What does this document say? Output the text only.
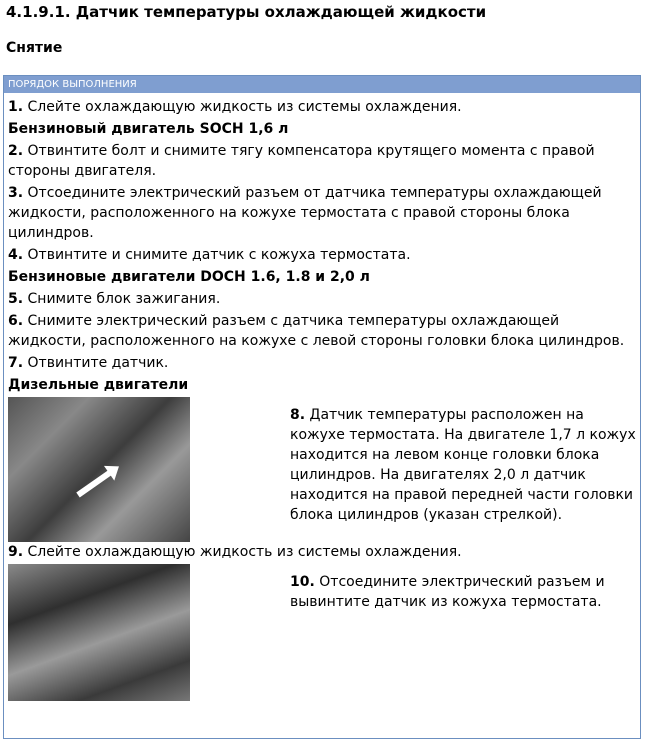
4.1.9.1. Датчик температуры охлаждающей жидкости
Снятие
ПОРЯДОК ВЫПОЛНЕНИЯ
1. Слейте охлаждающую жидкость из системы охлаждения.
Бензиновый двигатель SOCH 1,6 л
2. Отвинтите болт и снимите тягу компенсатора крутящего момента с правой стороны двигателя.
3. Отсоедините электрический разъем от датчика температуры охлаждающей жидкости, расположенного на кожухе термостата с правой стороны блока цилиндров.
4. Отвинтите и снимите датчик с кожуха термостата.
Бензиновые двигатели DOCH 1.6, 1.8 и 2,0 л
5. Снимите блок зажигания.
6. Снимите электрический разъем с датчика температуры охлаждающей жидкости, расположенного на кожухе с левой стороны головки блока цилиндров.
7. Отвинтите датчик.
Дизельные двигатели
8. Датчик температуры расположен на кожухе термостата. На двигателе 1,7 л кожух находится на левом конце головки блока цилиндров. На двигателях 2,0 л датчик находится на правой передней части головки блока цилиндров (указан стрелкой).
9. Слейте охлаждающую жидкость из системы охлаждения.
10. Отсоедините электрический разъем и вывинтите датчик из кожуха термостата.
